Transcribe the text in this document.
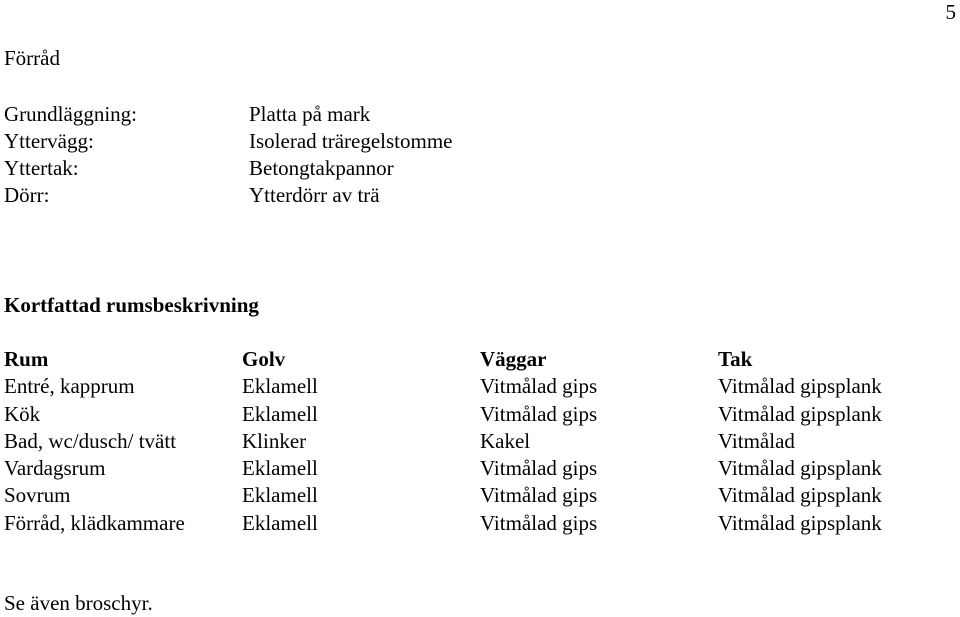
5
Förråd
Grundläggning:	Platta på mark
Yttervägg:	Isolerad träregelstomme
Yttertak:	Betongtakpannor
Dörr:	Ytterdörr av trä
Kortfattad rumsbeskrivning
Rum	Golv	Väggar	Tak
Entré, kapprum	Eklamell	Vitmålad gips	Vitmålad gipsplank
Kök	Eklamell	Vitmålad gips	Vitmålad gipsplank
Bad, wc/dusch/ tvätt	Klinker	Kakel	Vitmålad
Vardagsrum	Eklamell	Vitmålad gips	Vitmålad gipsplank
Sovrum	Eklamell	Vitmålad gips	Vitmålad gipsplank
Förråd, klädkammare	Eklamell	Vitmålad gips	Vitmålad gipsplank
Se även broschyr.
